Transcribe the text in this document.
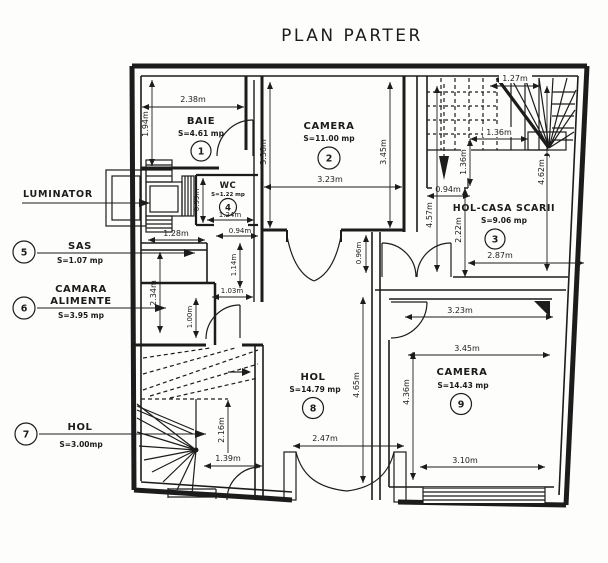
2.38m
1.94m
3.36m	3.45m
3.23m
1.27m
1.36m
1.36m	4.62m
0.94m
4.57m
2.22m
2.87m
0.99m
1.24m
0.94m
1.28m
2.34m
1.14m
1.03m
1.00m
0.96m
4.65m
2.47m
4.36m
3.23m
3.45m
3.10m
2.16m
1.39m
BAIE
S=4.61 mp
1
CAMERA
S=11.00 mp
2
HOL-CASA SCARII
S=9.06 mp
3
WC
S=1.22 mp
4
HOL
S=14.79 mp
8
CAMERA
S=14.43 mp
9
LUMINATOR
5
SAS
S=1.07 mp
6
CAMARA
ALIMENTE
S=3.95 mp
7
HOL
S=3.00mp
PLAN PARTER
